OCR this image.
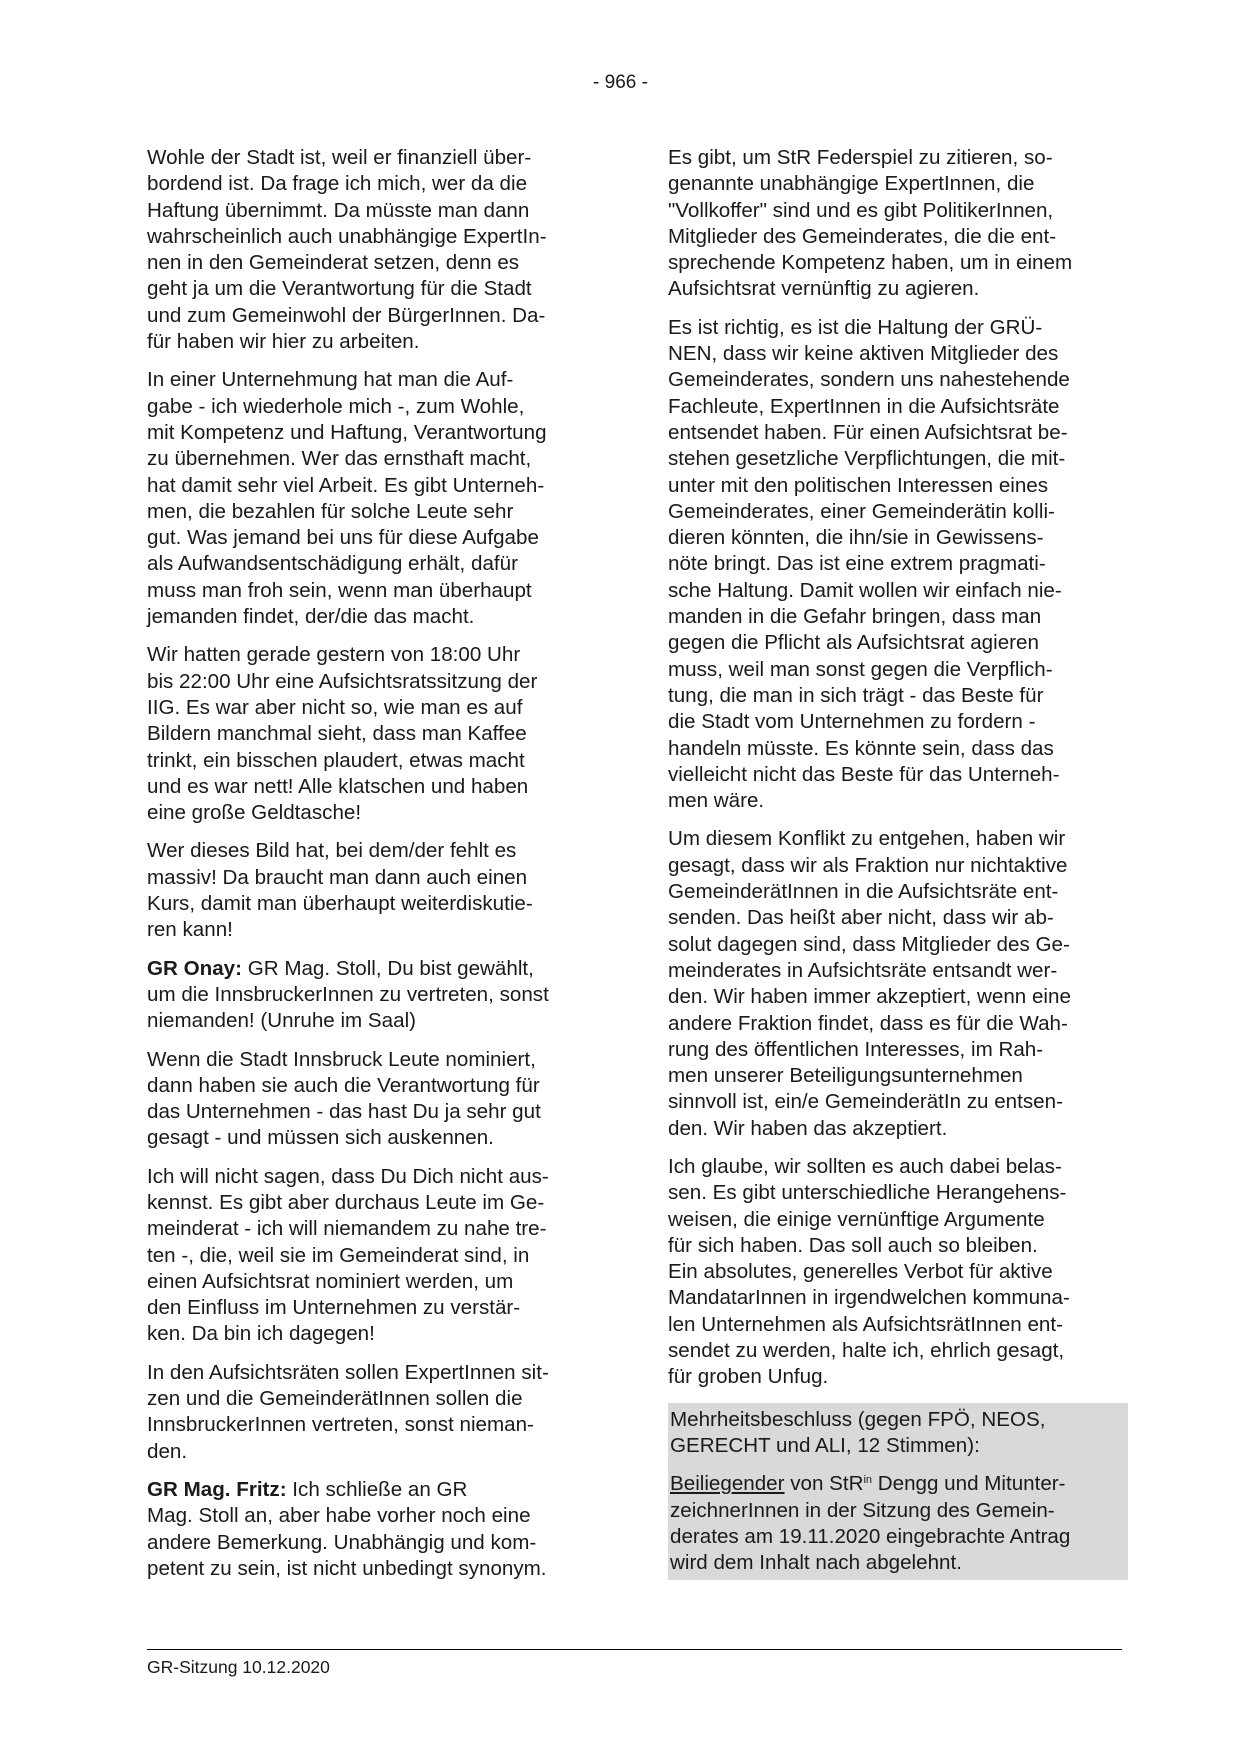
- 966 -
Wohle der Stadt ist, weil er finanziell über-
bordend ist. Da frage ich mich, wer da die
Haftung übernimmt. Da müsste man dann
wahrscheinlich auch unabhängige ExpertIn-
nen in den Gemeinderat setzen, denn es
geht ja um die Verantwortung für die Stadt
und zum Gemeinwohl der BürgerInnen. Da-
für haben wir hier zu arbeiten.
In einer Unternehmung hat man die Auf-
gabe - ich wiederhole mich -, zum Wohle,
mit Kompetenz und Haftung, Verantwortung
zu übernehmen. Wer das ernsthaft macht,
hat damit sehr viel Arbeit. Es gibt Unterneh-
men, die bezahlen für solche Leute sehr
gut. Was jemand bei uns für diese Aufgabe
als Aufwandsentschädigung erhält, dafür
muss man froh sein, wenn man überhaupt
jemanden findet, der/die das macht.
Wir hatten gerade gestern von 18:00 Uhr
bis 22:00 Uhr eine Aufsichtsratssitzung der
IIG. Es war aber nicht so, wie man es auf
Bildern manchmal sieht, dass man Kaffee
trinkt, ein bisschen plaudert, etwas macht
und es war nett! Alle klatschen und haben
eine große Geldtasche!
Wer dieses Bild hat, bei dem/der fehlt es
massiv! Da braucht man dann auch einen
Kurs, damit man überhaupt weiterdiskutie-
ren kann!
GR Onay: GR Mag. Stoll, Du bist gewählt,
um die InnsbruckerInnen zu vertreten, sonst
niemanden! (Unruhe im Saal)
Wenn die Stadt Innsbruck Leute nominiert,
dann haben sie auch die Verantwortung für
das Unternehmen - das hast Du ja sehr gut
gesagt - und müssen sich auskennen.
Ich will nicht sagen, dass Du Dich nicht aus-
kennst. Es gibt aber durchaus Leute im Ge-
meinderat - ich will niemandem zu nahe tre-
ten -, die, weil sie im Gemeinderat sind, in
einen Aufsichtsrat nominiert werden, um
den Einfluss im Unternehmen zu verstär-
ken. Da bin ich dagegen!
In den Aufsichtsräten sollen ExpertInnen sit-
zen und die GemeinderätInnen sollen die
InnsbruckerInnen vertreten, sonst nieman-
den.
GR Mag. Fritz: Ich schließe an GR
Mag. Stoll an, aber habe vorher noch eine
andere Bemerkung. Unabhängig und kom-
petent zu sein, ist nicht unbedingt synonym.
Es gibt, um StR Federspiel zu zitieren, so-
genannte unabhängige ExpertInnen, die
"Vollkoffer" sind und es gibt PolitikerInnen,
Mitglieder des Gemeinderates, die die ent-
sprechende Kompetenz haben, um in einem
Aufsichtsrat vernünftig zu agieren.
Es ist richtig, es ist die Haltung der GRÜ-
NEN, dass wir keine aktiven Mitglieder des
Gemeinderates, sondern uns nahestehende
Fachleute, ExpertInnen in die Aufsichtsräte
entsendet haben. Für einen Aufsichtsrat be-
stehen gesetzliche Verpflichtungen, die mit-
unter mit den politischen Interessen eines
Gemeinderates, einer Gemeinderätin kolli-
dieren könnten, die ihn/sie in Gewissens-
nöte bringt. Das ist eine extrem pragmati-
sche Haltung. Damit wollen wir einfach nie-
manden in die Gefahr bringen, dass man
gegen die Pflicht als Aufsichtsrat agieren
muss, weil man sonst gegen die Verpflich-
tung, die man in sich trägt - das Beste für
die Stadt vom Unternehmen zu fordern -
handeln müsste. Es könnte sein, dass das
vielleicht nicht das Beste für das Unterneh-
men wäre.
Um diesem Konflikt zu entgehen, haben wir
gesagt, dass wir als Fraktion nur nichtaktive
GemeinderätInnen in die Aufsichtsräte ent-
senden. Das heißt aber nicht, dass wir ab-
solut dagegen sind, dass Mitglieder des Ge-
meinderates in Aufsichtsräte entsandt wer-
den. Wir haben immer akzeptiert, wenn eine
andere Fraktion findet, dass es für die Wah-
rung des öffentlichen Interesses, im Rah-
men unserer Beteiligungsunternehmen
sinnvoll ist, ein/e GemeinderätIn zu entsen-
den. Wir haben das akzeptiert.
Ich glaube, wir sollten es auch dabei belas-
sen. Es gibt unterschiedliche Herangehens-
weisen, die einige vernünftige Argumente
für sich haben. Das soll auch so bleiben.
Ein absolutes, generelles Verbot für aktive
MandatarInnen in irgendwelchen kommuna-
len Unternehmen als AufsichtsrätInnen ent-
sendet zu werden, halte ich, ehrlich gesagt,
für groben Unfug.
Mehrheitsbeschluss (gegen FPÖ, NEOS,
GERECHT und ALI, 12 Stimmen):
Beiliegender von StR$^{in}$ Dengg und Mitunter-
zeichnerInnen in der Sitzung des Gemein-
derates am 19.11.2020 eingebrachte Antrag
wird dem Inhalt nach abgelehnt.
GR-Sitzung 10.12.2020
